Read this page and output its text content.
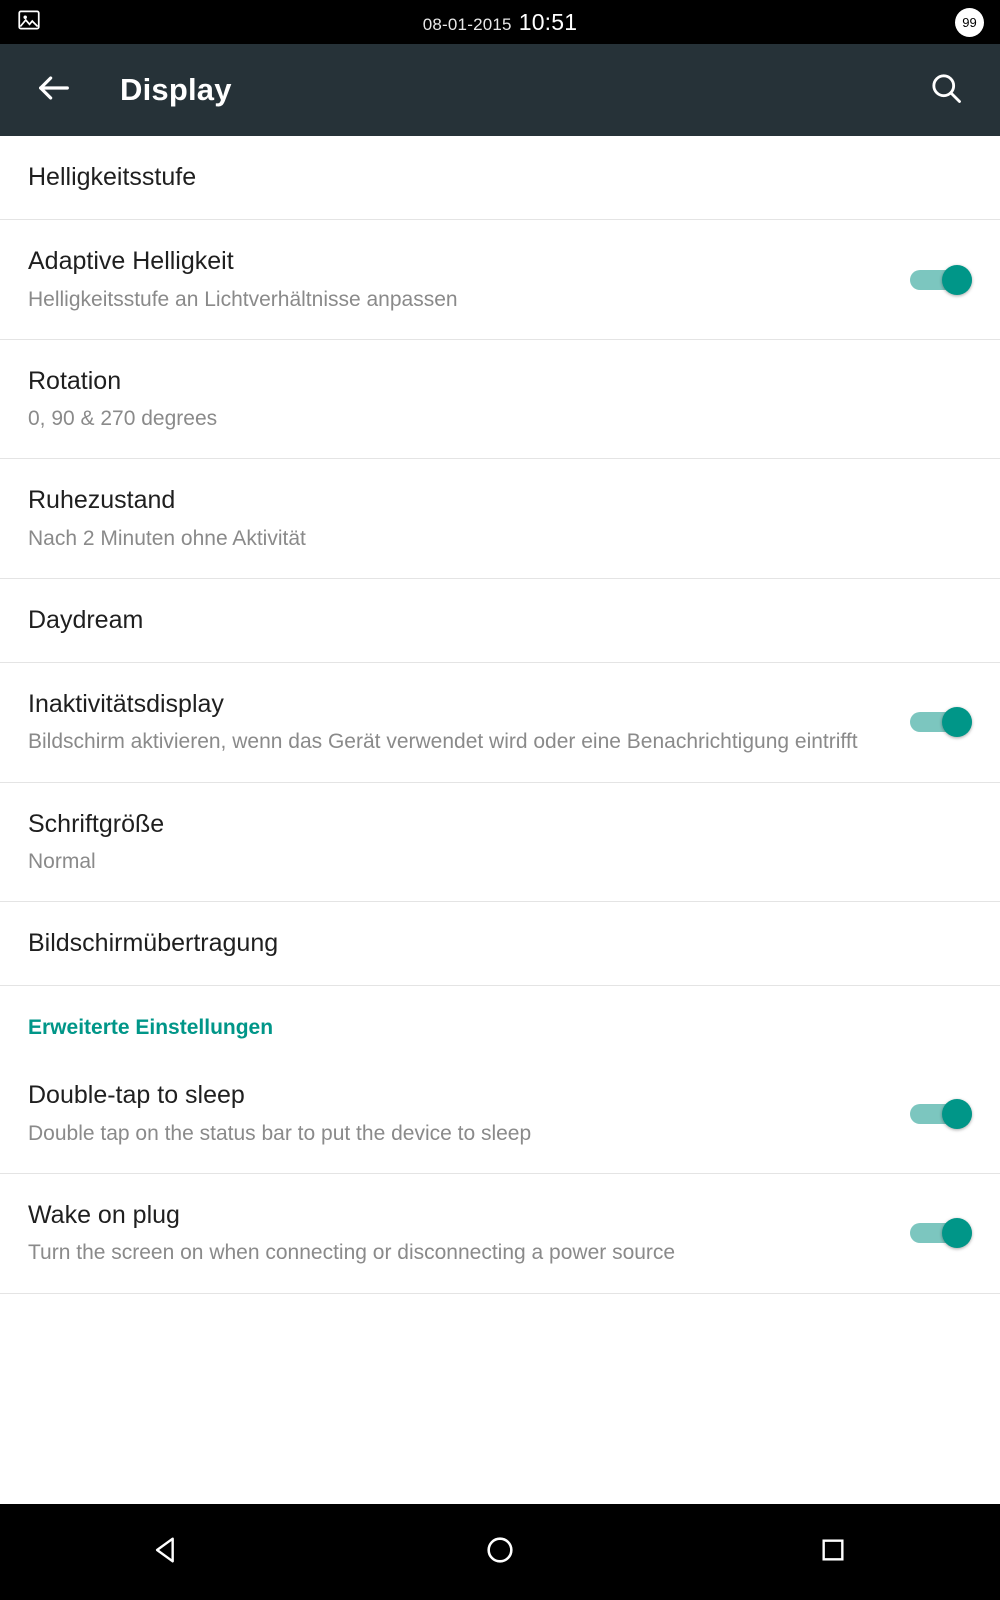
08-01-2015 10:51	99
Display
Helligkeitsstufe
Adaptive Helligkeit
Helligkeitsstufe an Lichtverhältnisse anpassen
Rotation
0, 90 & 270 degrees
Ruhezustand
Nach 2 Minuten ohne Aktivität
Daydream
Inaktivitätsdisplay
Bildschirm aktivieren, wenn das Gerät verwendet wird oder eine Benachrichtigung eintrifft
Schriftgröße
Normal
Bildschirmübertragung
Erweiterte Einstellungen
Double-tap to sleep
Double tap on the status bar to put the device to sleep
Wake on plug
Turn the screen on when connecting or disconnecting a power source
